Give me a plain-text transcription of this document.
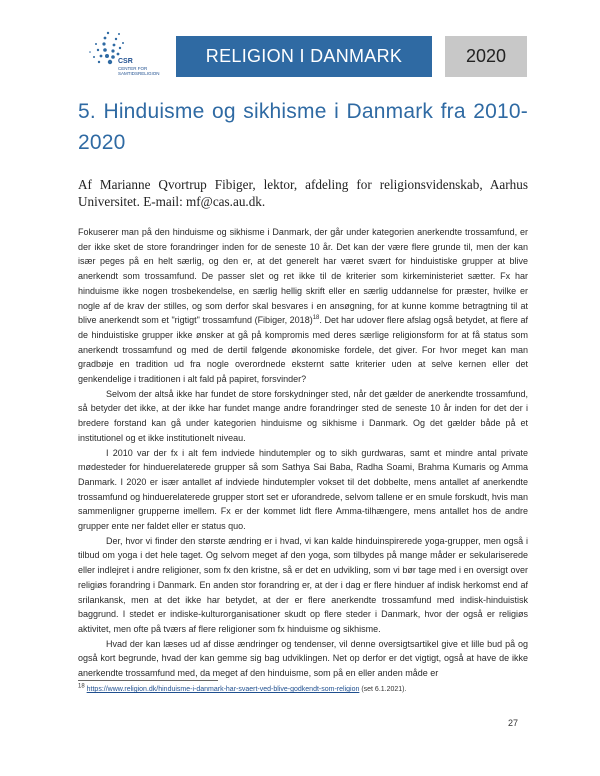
CSR
CENTER FOR SAMTIDSRELIGION
RELIGION I DANMARK	2020
5. Hinduisme og sikhisme i Danmark fra 2010-2020
Af Marianne Qvortrup Fibiger, lektor, afdeling for religionsvidenskab, Aarhus Universitet. E-mail: mf@cas.au.dk.

Fokuserer man på den hinduisme og sikhisme i Danmark, der går under kategorien anerkendte trossamfund, er der ikke sket de store forandringer inden for de seneste 10 år. Det kan der være flere grunde til, men der kan især peges på en helt særlig, og den er, at det generelt har været svært for hinduistiske grupper at blive anerkendt som trossamfund. De passer slet og ret ikke til de kriterier som kirkeministeriet sætter. Fx har hinduisme ikke nogen trosbekendelse, en særlig hellig skrift eller en særlig uddannelse for præster, hvilke er nogle af de krav der stilles, og som derfor skal besvares i en ansøgning, for at kunne komme betragtning til at blive anerkendt som et "rigtigt" trossamfund (Fibiger, 2018)$^{18}$. Det har udover flere afslag også betydet, at flere af de hinduistiske grupper ikke ønsker at gå på kompromis med deres særlige religionsform for at få status som anerkendt trossamfund og med de dertil følgende økonomiske fordele, det giver. For hvor meget kan man gradbøje en tradition ud fra nogle overordnede eksternt satte kriterier uden at selve kernen eller det genkendelige i traditionen i alt fald på papiret, forsvinder?

Selvom der altså ikke har fundet de store forskydninger sted, når det gælder de anerkendte trossamfund, så betyder det ikke, at der ikke har fundet mange andre forandringer sted de seneste 10 år inden for det der i bredere forstand kan gå under kategorien hinduisme og sikhisme i Danmark. Og det gælder både på et institutionel og et ikke institutionelt niveau.

I 2010 var der fx i alt fem indviede hindutempler og to sikh gurdwaras, samt et mindre antal private mødesteder for hinduerelaterede grupper så som Sathya Sai Baba, Radha Soami, Brahma Kumaris og Amma Danmark. I 2020 er især antallet af indviede hindutempler vokset til det dobbelte, mens antallet af anerkendte trossamfund og hinduerelaterede grupper stort set er uforandrede, selvom tallene er en smule forskudt, hvis man sammenligner grupperne imellem. Fx er der kommet lidt flere Amma-tilhængere, mens antallet hos de andre grupper ente ner faldet eller er status quo.

Der, hvor vi finder den største ændring er i hvad, vi kan kalde hinduinspirerede yoga-grupper, men også i tilbud om yoga i det hele taget. Og selvom meget af den yoga, som tilbydes på mange måder er sekulariserede eller indlejret i andre religioner, som fx den kristne, så er det en udvikling, som vi bør tage med i en oversigt over religiøs forandring i Danmark. En anden stor forandring er, at der i dag er flere hinduer af indisk herkomst end af srilankansk, men at det ikke har betydet, at der er flere anerkendte trossamfund med indisk-hinduistisk baggrund. I stedet er indiske-kulturorganisationer skudt op flere steder i Danmark, hvor der også er religiøs aktivitet, men ofte på tværs af flere religioner som fx hinduisme og sikhisme.

Hvad der kan læses ud af disse ændringer og tendenser, vil denne oversigtsartikel give et lille bud på og også kort begrunde, hvad der kan gemme sig bag udviklingen. Net op derfor er det vigtigt, også at have de ikke anerkendte trossamfund med, da meget af den hinduisme, som på en eller anden måde er

$^{18}$ https://www.religion.dk/hinduisme-i-danmark-har-svaert-ved-blive-godkendt-som-religion (set 6.1.2021).
27
